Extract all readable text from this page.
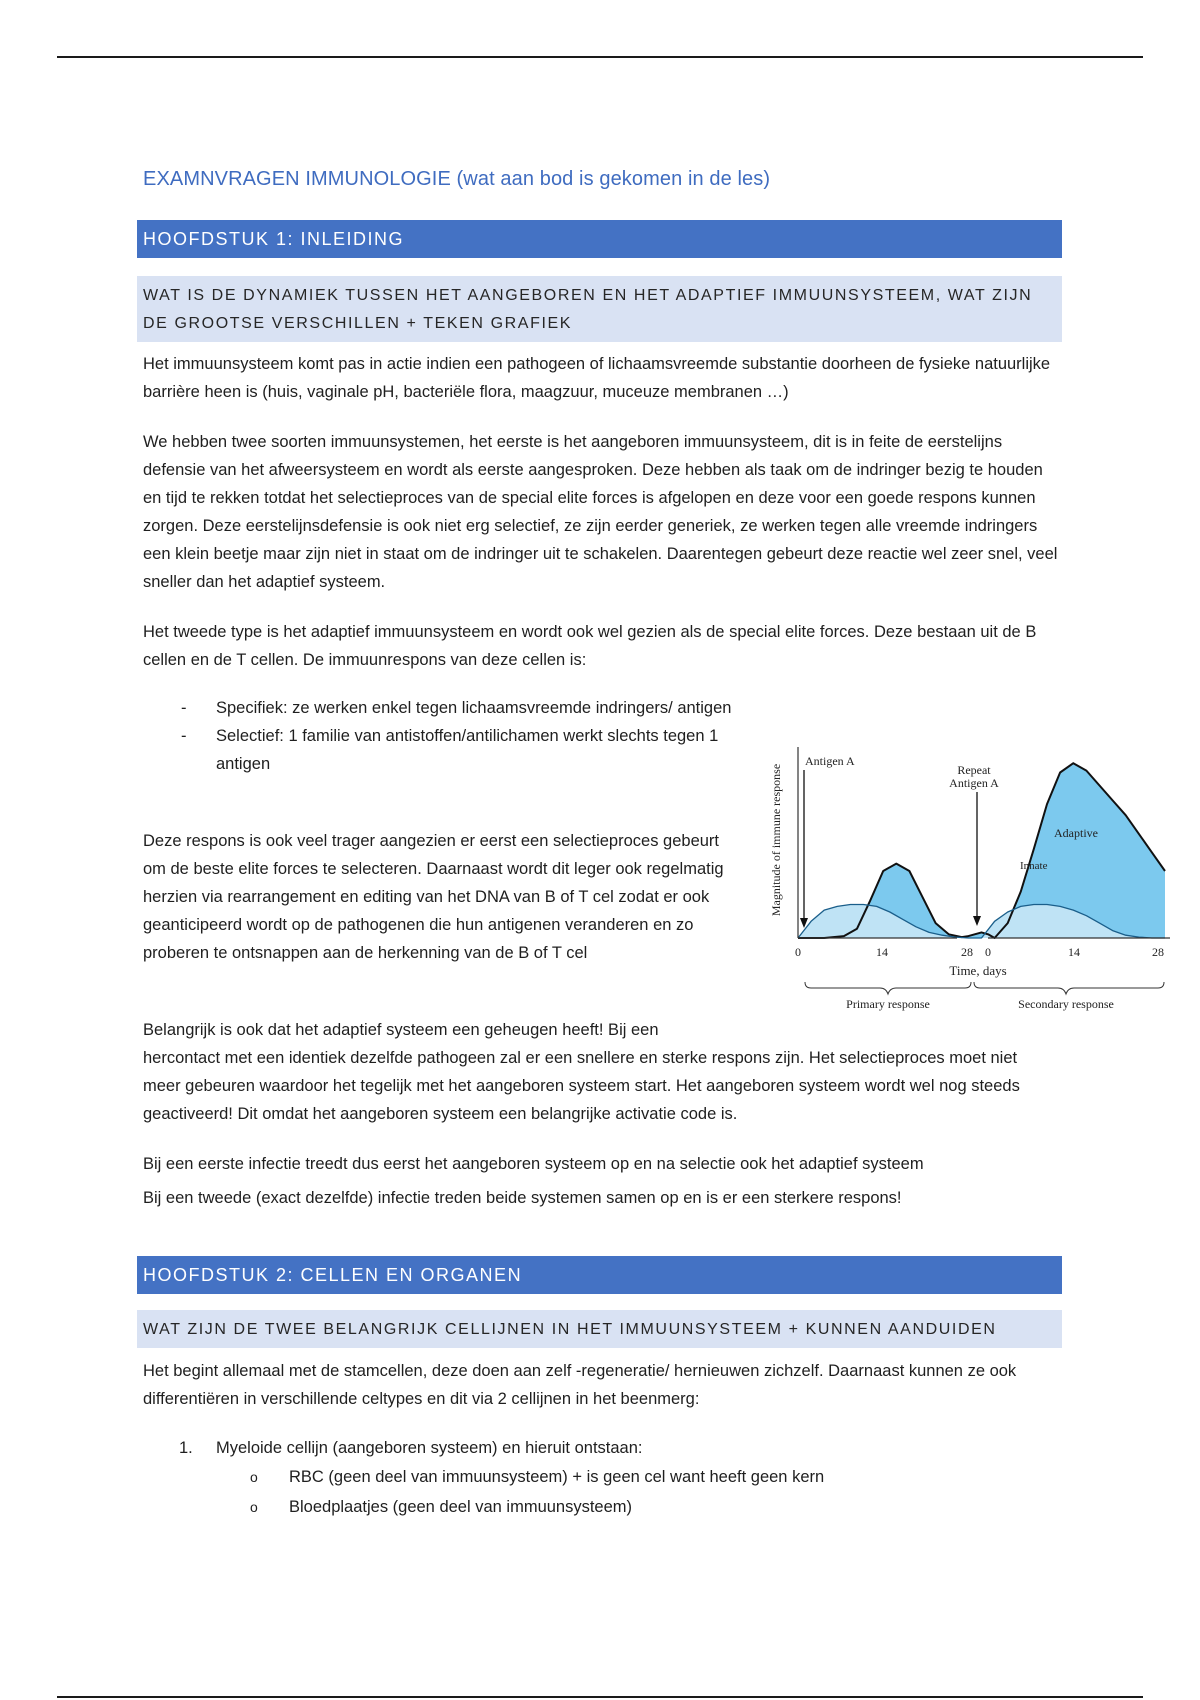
EXAMNVRAGEN IMMUNOLOGIE (wat aan bod is gekomen in de les)
HOOFDSTUK 1: INLEIDING
WAT IS DE DYNAMIEK TUSSEN HET AANGEBOREN EN HET ADAPTIEF IMMUUNSYSTEEM, WAT ZIJN DE GROOTSE VERSCHILLEN + TEKEN GRAFIEK

Het immuunsysteem komt pas in actie indien een pathogeen of lichaamsvreemde substantie doorheen de fysieke natuurlijke barrière heen is (huis, vaginale pH, bacteriële flora, maagzuur, muceuze membranen …)

We hebben twee soorten immuunsystemen, het eerste is het aangeboren immuunsysteem, dit is in feite de eerstelijns defensie van het afweersysteem en wordt als eerste aangesproken. Deze hebben als taak om de indringer bezig te houden en tijd te rekken totdat het selectieproces van de special elite forces is afgelopen en deze voor een goede respons kunnen zorgen. Deze eerstelijnsdefensie is ook niet erg selectief, ze zijn eerder generiek, ze werken tegen alle vreemde indringers een klein beetje maar zijn niet in staat om de indringer uit te schakelen. Daarentegen gebeurt deze reactie wel zeer snel, veel sneller dan het adaptief systeem.

Het tweede type is het adaptief immuunsysteem en wordt ook wel gezien als de special elite forces. Deze bestaan uit de B cellen en de T cellen. De immuunrespons van deze cellen is:

- Specifiek: ze werken enkel tegen lichaamsvreemde indringers/ antigen
- Selectief: 1 familie van antistoffen/antilichamen werkt slechts tegen 1 antigen

Deze respons is ook veel trager aangezien er eerst een selectieproces gebeurt om de beste elite forces te selecteren. Daarnaast wordt dit leger ook regelmatig herzien via rearrangement en editing van het DNA van B of T cel zodat er ook geanticipeerd wordt op de pathogenen die hun antigenen veranderen en zo proberen te ontsnappen aan de herkenning van de B of T cel

Magnitude of immune response
0	14	28 0	14	28
Time, days
Antigen A
Repeat
Antigen A
Adaptive
Innate
Primary response	Secondary response

Belangrijk is ook dat het adaptief systeem een geheugen heeft! Bij een

hercontact met een identiek dezelfde pathogeen zal er een snellere en sterke respons zijn. Het selectieproces moet niet meer gebeuren waardoor het tegelijk met het aangeboren systeem start. Het aangeboren systeem wordt wel nog steeds geactiveerd! Dit omdat het aangeboren systeem een belangrijke activatie code is.

Bij een eerste infectie treedt dus eerst het aangeboren systeem op en na selectie ook het adaptief systeem

Bij een tweede (exact dezelfde) infectie treden beide systemen samen op en is er een sterkere respons!

HOOFDSTUK 2: CELLEN EN ORGANEN
WAT ZIJN DE TWEE BELANGRIJK CELLIJNEN IN HET IMMUUNSYSTEEM + KUNNEN AANDUIDEN

Het begint allemaal met de stamcellen, deze doen aan zelf -regeneratie/ hernieuwen zichzelf. Daarnaast kunnen ze ook differentiëren in verschillende celtypes en dit via 2 cellijnen in het beenmerg:

1. Myeloide cellijn (aangeboren systeem) en hieruit ontstaan:
o RBC (geen deel van immuunsysteem) + is geen cel want heeft geen kern
o Bloedplaatjes (geen deel van immuunsysteem)
